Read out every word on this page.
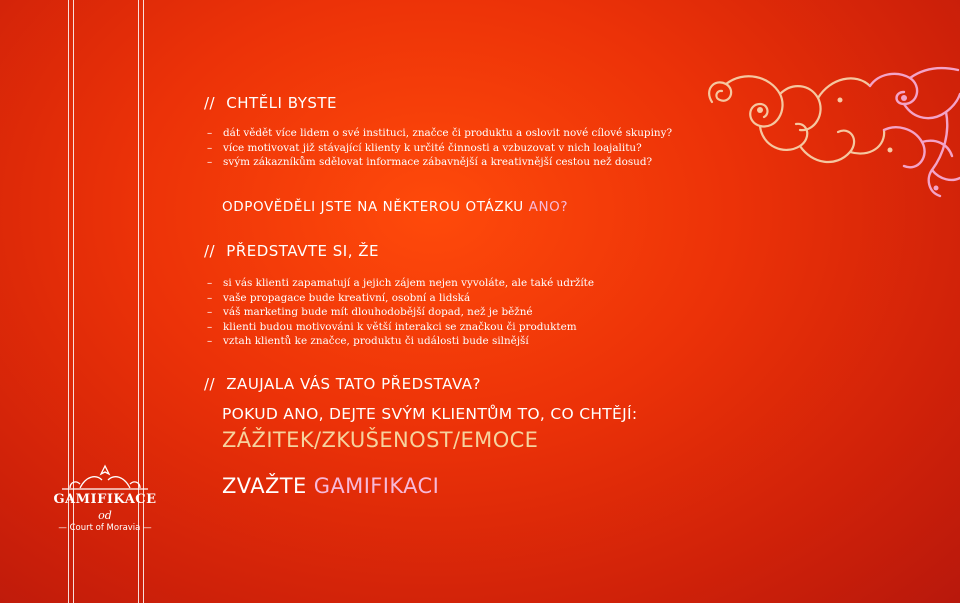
// CHTĚLI BYSTE
– dát vědět více lidem o své instituci, značce či produktu a oslovit nové cílové skupiny?
– více motivovat již stávající klienty k určité činnosti a vzbuzovat v nich loajalitu?
– svým zákazníkům sdělovat informace zábavnější a kreativnější cestou než dosud?
ODPOVĚDĚLI JSTE NA NĚKTEROU OTÁZKU ANO?
// PŘEDSTAVTE SI, ŽE
– si vás klienti zapamatují a jejich zájem nejen vyvoláte, ale také udržíte
– vaše propagace bude kreativní, osobní a lidská
– váš marketing bude mít dlouhodobější dopad, než je běžné
– klienti budou motivováni k větší interakci se značkou či produktem
– vztah klientů ke značce, produktu či události bude silnější
// ZAUJALA VÁS TATO PŘEDSTAVA?
POKUD ANO, DEJTE SVÝM KLIENTŮM TO, CO CHTĚJÍ:
ZÁŽITEK/ZKUŠENOST/EMOCE
ZVAŽTE GAMIFIKACI
GAMIFIKACE
od
— Court of Moravia —
